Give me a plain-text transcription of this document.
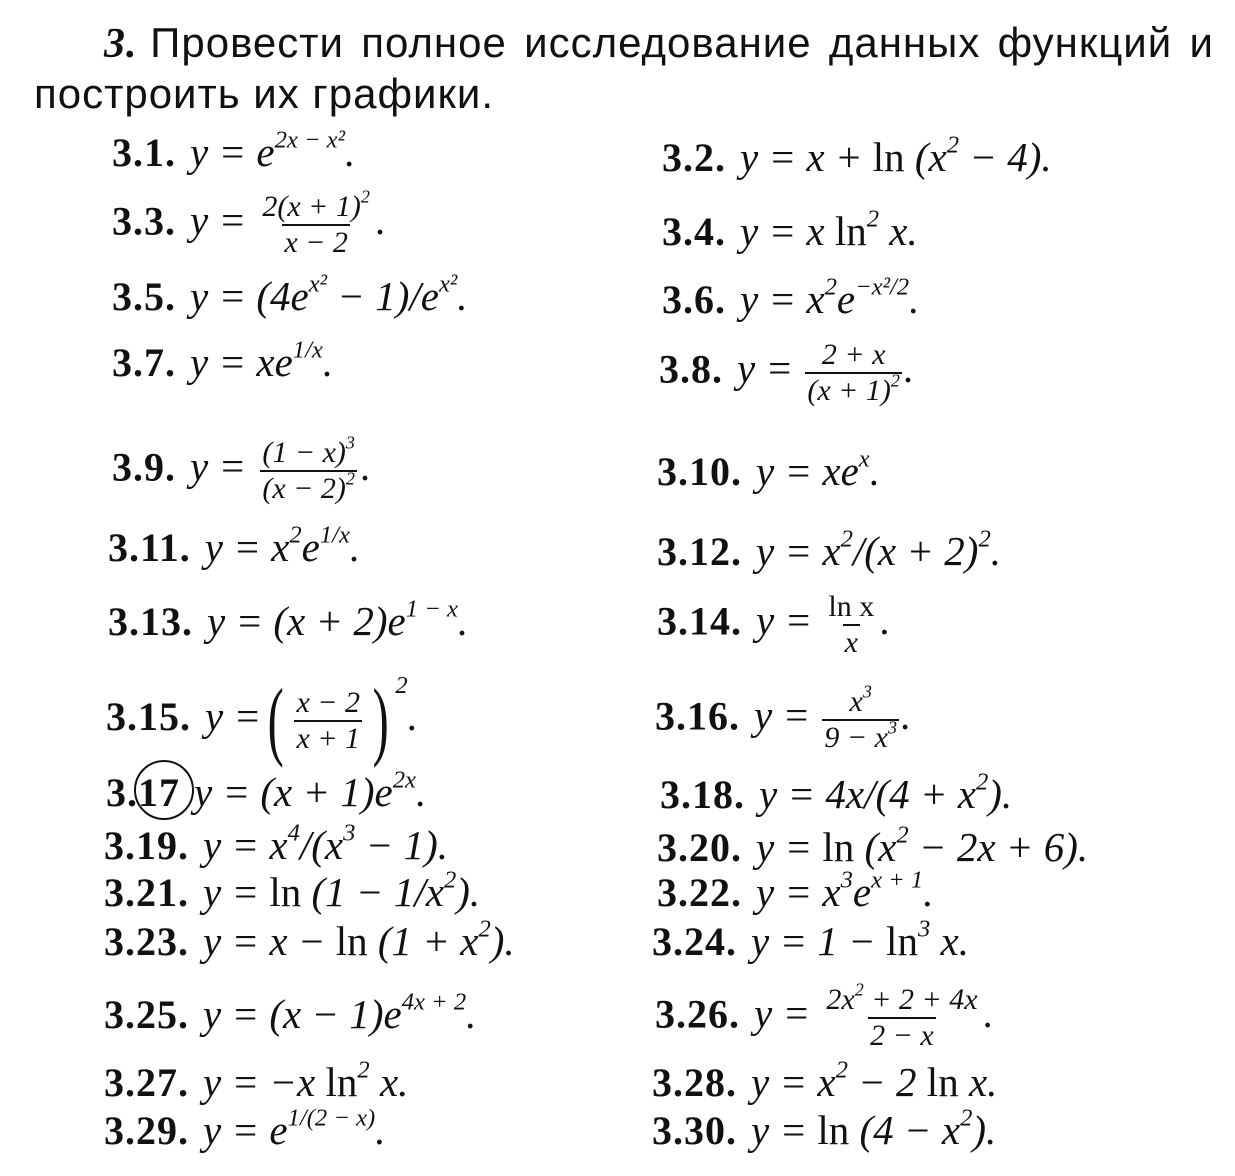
3. Провести полное исследование данных функций и
построить их графики.
3.1. $y = e^{2x - x^2}$.	3.2. $y = x + \ln (x^2 - 4)$.
3.3. $y = \frac{2(x + 1)^2}{x - 2}$ .	3.4. y = x $\ln^2 x$.
3.5. $y = (4e^{x^2} - 1)/e^{x^2}$.	3.6. $y = x^2e^{-x^2/2}$.
3.7. $y = xe^{1/x}$.	3.8. $y = \frac{2 + x}{(x + 1)^2}$ .
3.9. $y = \frac{(1 - x)^3}{(x - 2)^2}$ .	3.10. $y = xe^x$.
3.11. $y = x^2e^{1/x}$.	3.12. $y = x^2/(x + 2)^2$.
3.13. $y = (x + 2)e^{1 - x}$.	3.14. $y = \frac{\text{ln x}}{x}$ .
3.15. y =( $\frac{x - 2}{x + 1}$ ) $^2$.	3.16. $y = \frac{x^3}{9 - x^3}$ .
3.17 $y = (x + 1)e^{2x}$.	3.18. $y = 4x/(4 + x^2)$.
3.19. $y = x^4/(x^3 - 1)$.	3.20. $y = \ln (x^2 - 2x + 6)$.
3.21. $y = \ln (1 - 1/x^2)$.	3.22. $y = x^3e^{x + 1}$.
3.23. $y = x - \ln (1 + x^2)$.	3.24. $y = 1 - \ln^3 x$.
3.25. $y = (x - 1)e^{4x + 2}$.	3.26. $y = \frac{2x^2 + 2 + 4x}{2 - x}$ .
3.27. y = −x $\ln^2 x$.	3.28. $y = x^2 - 2$ ln x.
3.29. $y = e^{1/(2 - x)}$.	3.30. $y = \ln (4 - x^2)$.
